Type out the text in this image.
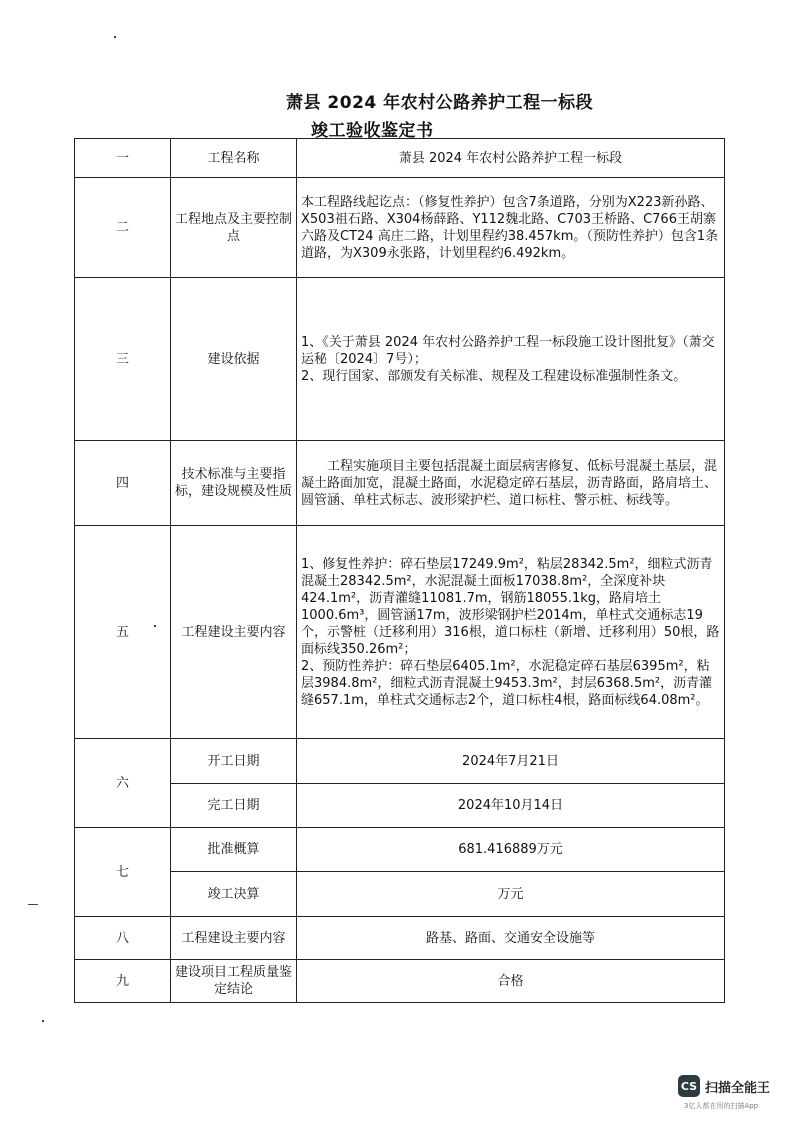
萧县 2024 年农村公路养护工程一标段
竣工验收鉴定书
一	工程名称	萧县 2024 年农村公路养护工程一标段
二	工程地点及主要控制点	本工程路线起讫点：（修复性养护）包含7条道路，分别为X223新孙路、X503祖石路、X304杨薛路、Y112魏北路、C703王桥路、C766王胡寨六路及CT24 高庄二路，计划里程约38.457km。（预防性养护）包含1条道路，为X309永张路，计划里程约6.492km。
三	建设依据	1、《关于萧县 2024 年农村公路养护工程一标段施工设计图批复》（萧交运秘〔2024〕7号）；
2、现行国家、部颁发有关标准、规程及工程建设标准强制性条文。

四	技术标准与主要指标，建设规模及性质	工程实施项目主要包括混凝土面层病害修复、低标号混凝土基层，混凝土路面加宽，混凝土路面，水泥稳定碎石基层，沥青路面，路肩培土、圆管涵、单柱式标志、波形梁护栏、道口标柱、警示桩、标线等。
五	工程建设主要内容	1、修复性养护：碎石垫层17249.9m²，粘层28342.5m²，细粒式沥青混凝土28342.5m²，水泥混凝土面板17038.8m²，全深度补块424.1m²，沥青灌缝11081.7m，钢筋18055.1kg，路肩培土1000.6m³，圆管涵17m，波形梁钢护栏2014m，单柱式交通标志19个，示警桩（迁移利用）316根，道口标柱（新增、迁移利用）50根，路面标线350.26m²；
2、预防性养护：碎石垫层6405.1m²，水泥稳定碎石基层6395m²，粘层3984.8m²，细粒式沥青混凝土9453.3m²，封层6368.5m²，沥青灌缝657.1m，单柱式交通标志2个，道口标柱4根，路面标线64.08m²。

六	开工日期	2024年7月21日
	完工日期	2024年10月14日
七	批准概算	681.416889万元
	竣工决算	万元
八	工程建设主要内容	路基、路面、交通安全设施等
九	建设项目工程质量鉴定结论	合格
CS 扫描全能王
3亿人都在用的扫描App
